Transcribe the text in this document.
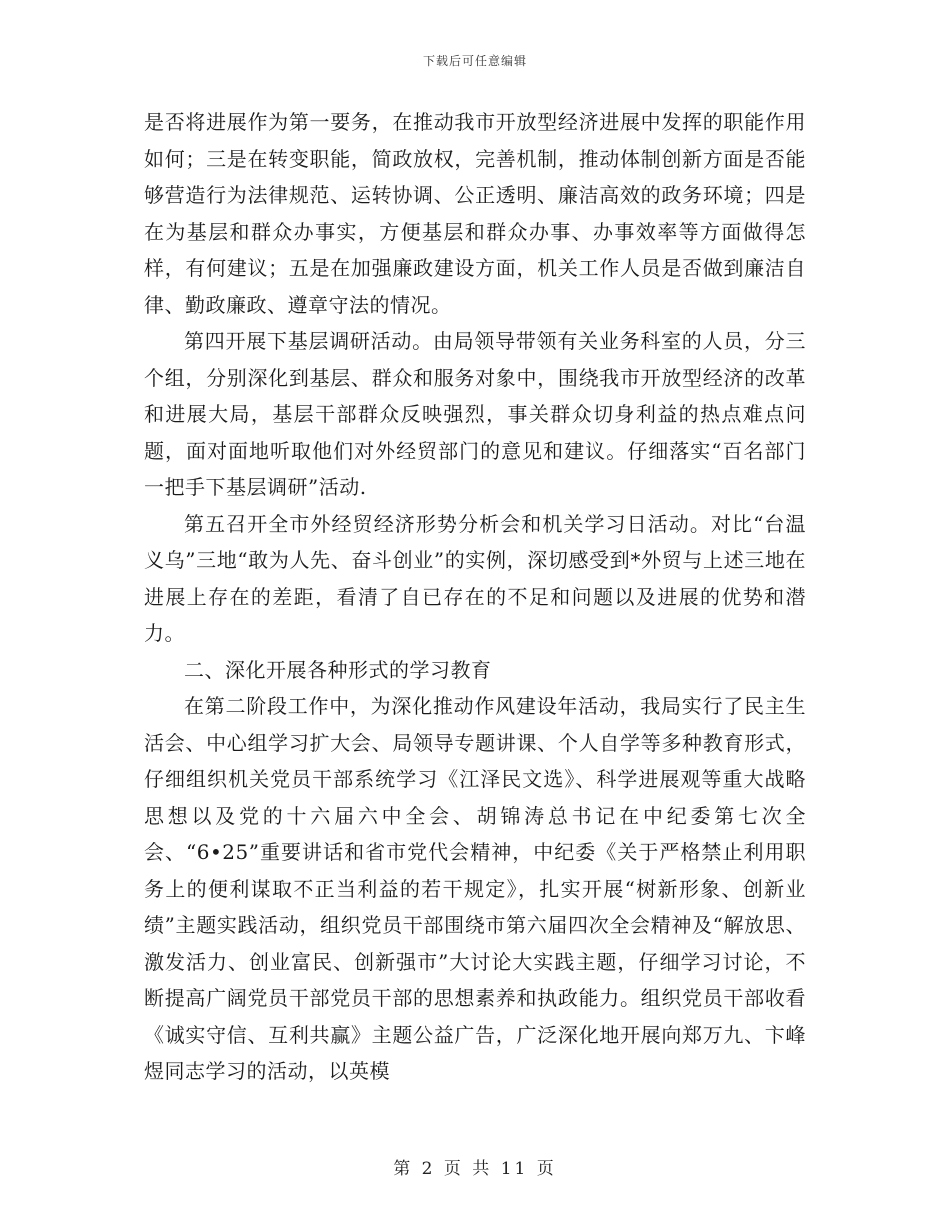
下载后可任意编辑

是否将进展作为第一要务，在推动我市开放型经济进展中发挥的职能作用如何；三是在转变职能，简政放权，完善机制，推动体制创新方面是否能够营造行为法律规范、运转协调、公正透明、廉洁高效的政务环境；四是在为基层和群众办事实，方便基层和群众办事、办事效率等方面做得怎样，有何建议；五是在加强廉政建设方面，机关工作人员是否做到廉洁自律、勤政廉政、遵章守法的情况。

第四开展下基层调研活动。由局领导带领有关业务科室的人员，分三个组，分别深化到基层、群众和服务对象中，围绕我市开放型经济的改革和进展大局，基层干部群众反映强烈，事关群众切身利益的热点难点问题，面对面地听取他们对外经贸部门的意见和建议。仔细落实“百名部门一把手下基层调研”活动.

第五召开全市外经贸经济形势分析会和机关学习日活动。对比“台温义乌”三地“敢为人先、奋斗创业”的实例，深切感受到*外贸与上述三地在进展上存在的差距，看清了自已存在的不足和问题以及进展的优势和潜力。

二、深化开展各种形式的学习教育

在第二阶段工作中，为深化推动作风建设年活动，我局实行了民主生活会、中心组学习扩大会、局领导专题讲课、个人自学等多种教育形式，仔细组织机关党员干部系统学习《江泽民文选》、科学进展观等重大战略思想以及党的十六届六中全会、胡锦涛总书记在中纪委第七次全会、“6•25”重要讲话和省市党代会精神，中纪委《关于严格禁止利用职务上的便利谋取不正当利益的若干规定》，扎实开展“树新形象、创新业绩”主题实践活动，组织党员干部围绕市第六届四次全会精神及“解放思、激发活力、创业富民、创新强市”大讨论大实践主题，仔细学习讨论，不断提高广阔党员干部党员干部的思想素养和执政能力。组织党员干部收看《诚实守信、互利共赢》主题公益广告，广泛深化地开展向郑万九、卞峰煜同志学习的活动，以英模

第 2 页 共 11 页
